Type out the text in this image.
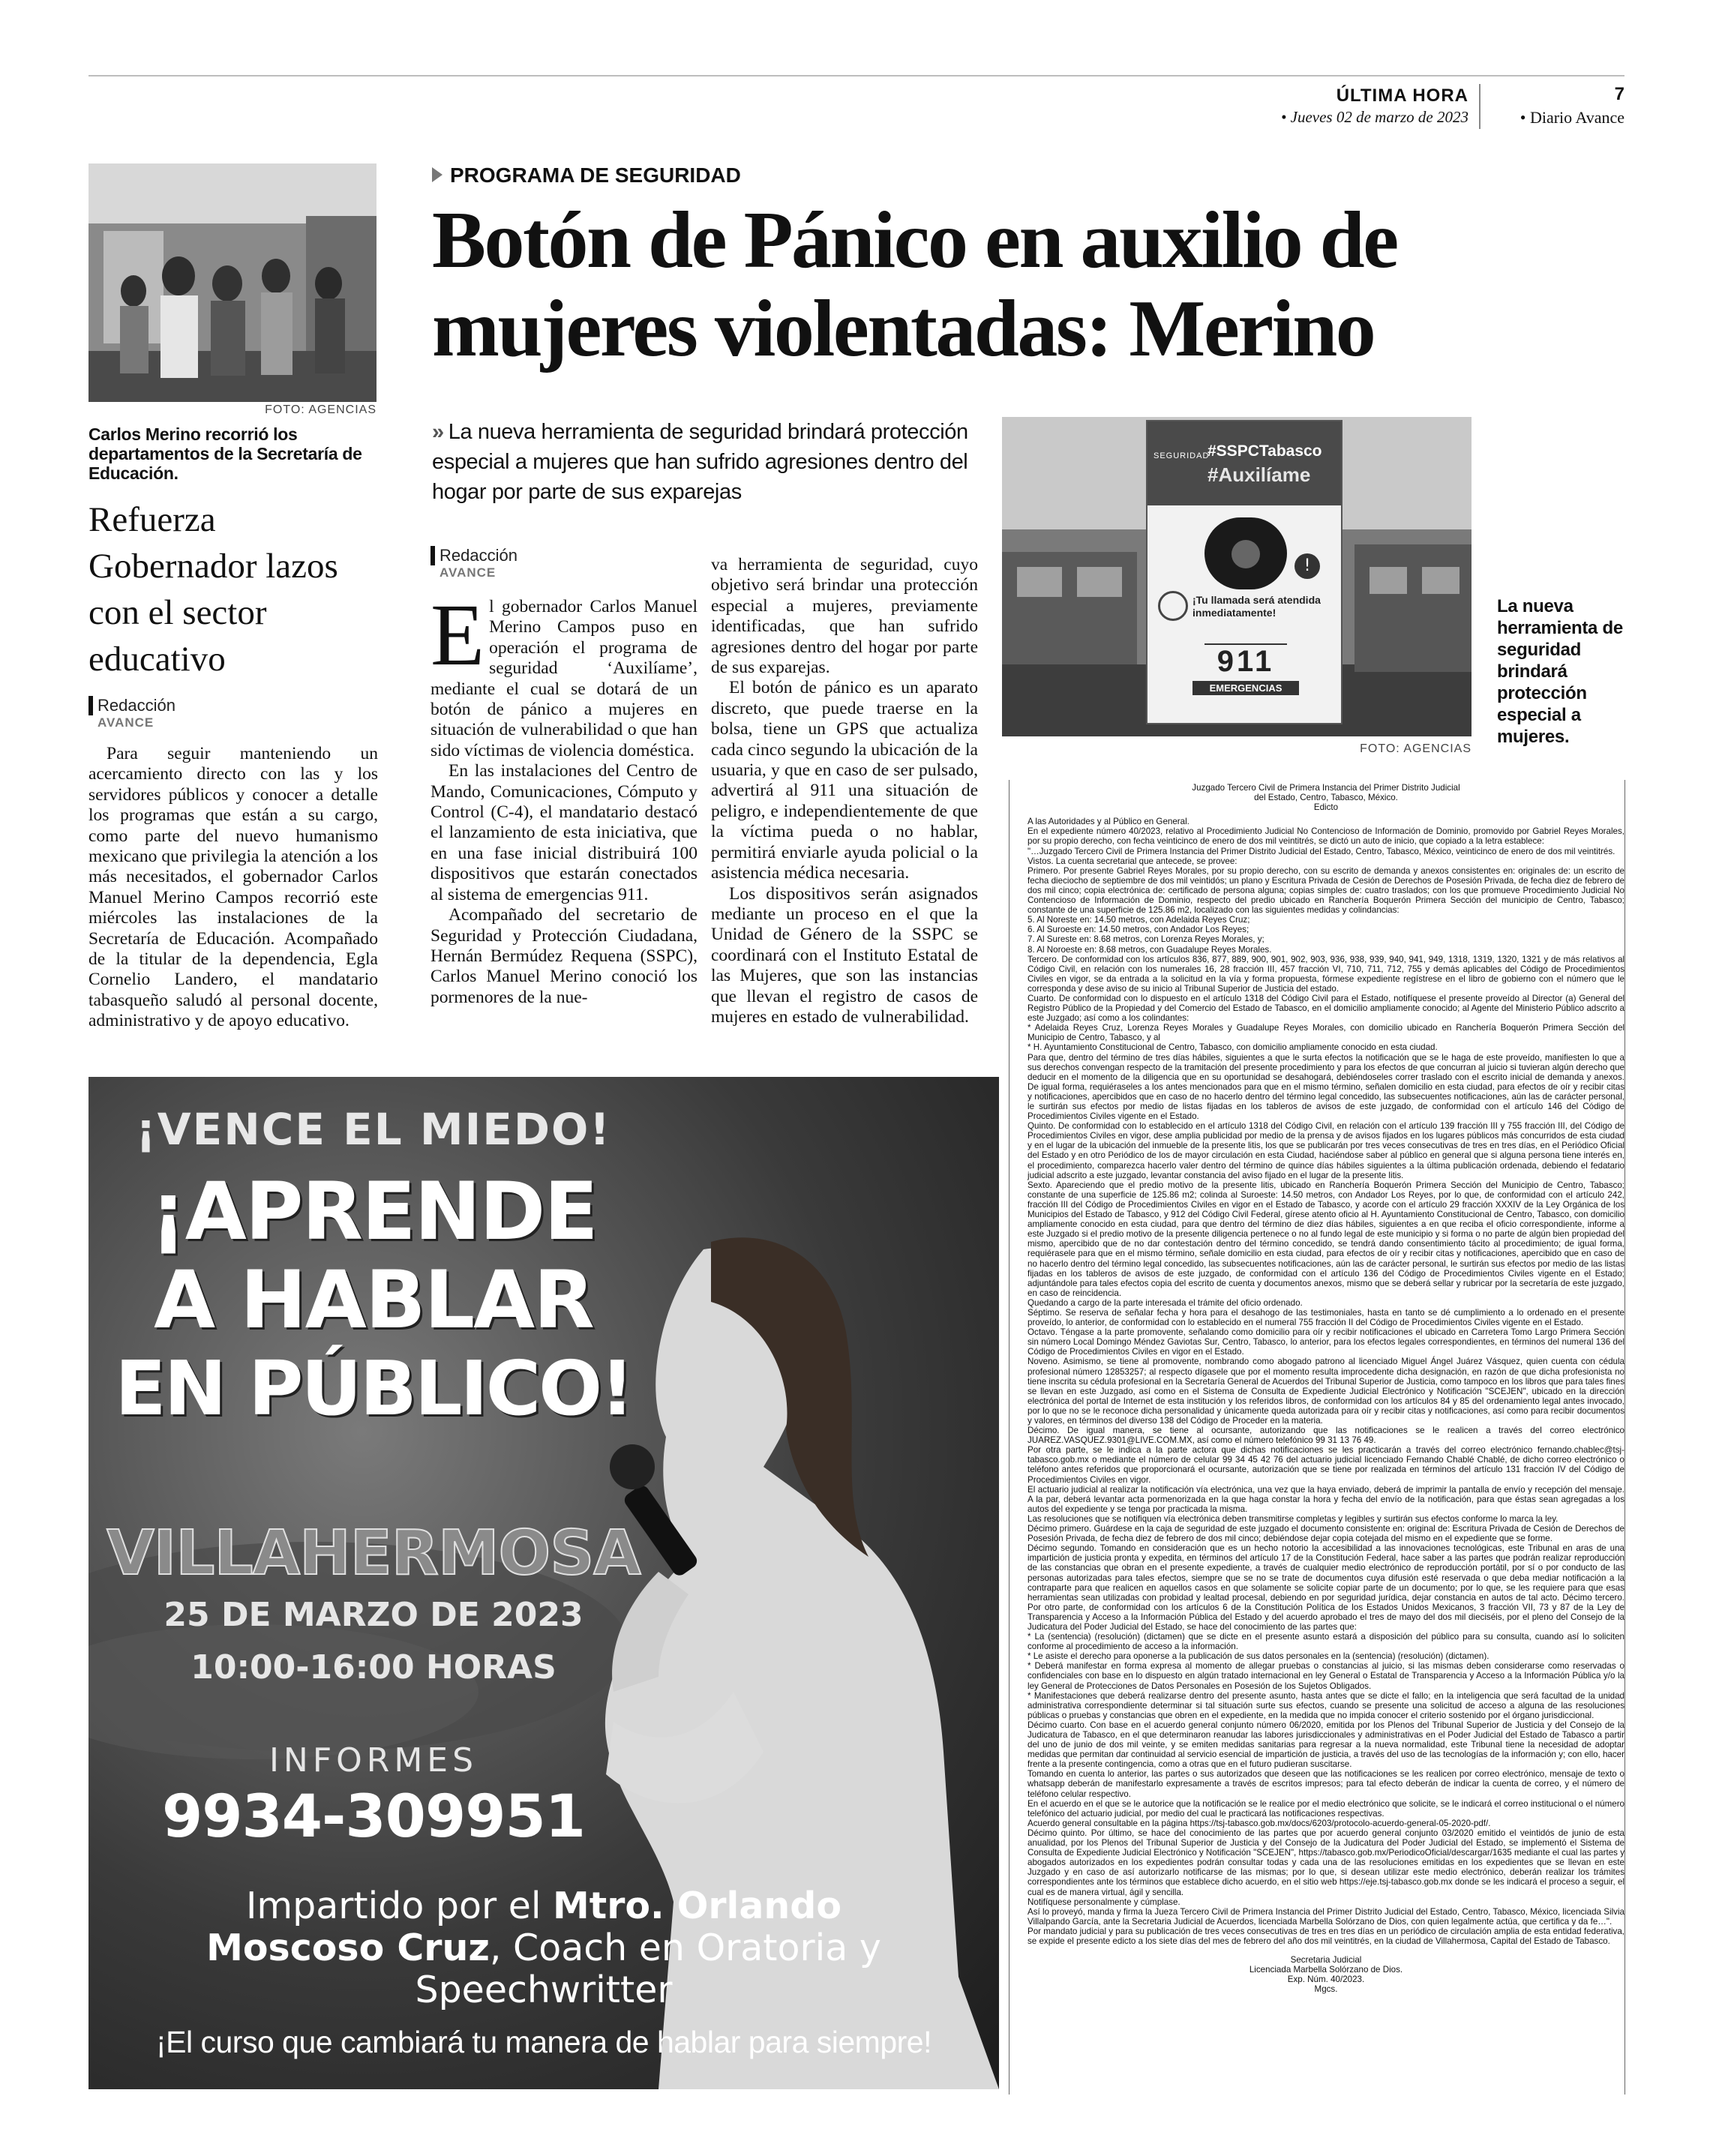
ÚLTIMA HORA
• Jueves 02 de marzo de 2023
7
• Diario Avance
FOTO: AGENCIAS
Carlos Merino recorrió los departamentos de la Secretaría de Educación.
Refuerza Gobernador lazos con el sector educativo
Redacción
AVANCE

Para seguir manteniendo un acercamiento directo con las y los servidores públicos y conocer a detalle los programas que están a su cargo, como parte del nuevo humanismo mexicano que privilegia la atención a los más necesitados, el gobernador Carlos Manuel Merino Campos recorrió este miércoles las instalaciones de la Secretaría de Educación. Acompañado de la titular de la dependencia, Egla Cornelio Landero, el mandatario tabasqueño saludó al personal docente, administrativo y de apoyo educativo.

PROGRAMA DE SEGURIDAD
Botón de Pánico en auxilio de mujeres violentadas: Merino
» La nueva herramienta de seguridad brindará protección especial a mujeres que han sufrido agresiones dentro del hogar por parte de sus exparejas
Redacción
AVANCE

El gobernador Carlos Manuel Merino Campos puso en operación el programa de seguridad ‘Auxilíame’, mediante el cual se dotará de un botón de pánico a mujeres en situación de vulnerabilidad o que han sido víctimas de violencia doméstica.

En las instalaciones del Centro de Mando, Comunicaciones, Cómputo y Control (C-4), el mandatario destacó el lanzamiento de esta iniciativa, que en una fase inicial distribuirá 100 dispositivos que estarán conectados al sistema de emergencias 911.

Acompañado del secretario de Seguridad y Protección Ciudadana, Hernán Bermúdez Requena (SSPC), Carlos Manuel Merino conoció los pormenores de la nue-

va herramienta de seguridad, cuyo objetivo será brindar una protección especial a mujeres, previamente identificadas, que han sufrido agresiones dentro del hogar por parte de sus exparejas.

El botón de pánico es un aparato discreto, que puede traerse en la bolsa, tiene un GPS que actualiza cada cinco segundo la ubicación de la usuaria, y que en caso de ser pulsado, advertirá al 911 una situación de peligro, e independientemente de que la víctima pueda o no hablar, permitirá enviarle ayuda policial o la asistencia médica necesaria.

Los dispositivos serán asignados mediante un proceso en el que la Unidad de Género de la SSPC se coordinará con el Instituto Estatal de las Mujeres, que son las instancias que llevan el registro de casos de mujeres en estado de vulnerabilidad.

SEGURIDAD
#SSPCTabasco
#Auxilíame
!
¡Tu llamada será atendida inmediatamente!
911
EMERGENCIAS
FOTO: AGENCIAS
La nueva herramienta de seguridad brindará protección especial a mujeres.
¡VENCE EL MIEDO!
¡APRENDE
A HABLAR
EN PÚBLICO!
VILLAHERMOSA
25 DE MARZO DE 2023
10:00-16:00 HORAS
INFORMES
9934-309951
Impartido por el Mtro. Orlando Moscoso Cruz, Coach en Oratoria y Speechwritter
¡El curso que cambiará tu manera de hablar para siempre!
Juzgado Tercero Civil de Primera Instancia del Primer Distrito Judicial
del Estado, Centro, Tabasco, México.
Edicto
A las Autoridades y al Público en General.
En el expediente número 40/2023, relativo al Procedimiento Judicial No Contencioso de Información de Dominio, promovido por Gabriel Reyes Morales, por su propio derecho, con fecha veinticinco de enero de dos mil veintitrés, se dictó un auto de inicio, que copiado a la letra establece:
"…Juzgado Tercero Civil de Primera Instancia del Primer Distrito Judicial del Estado, Centro, Tabasco, México, veinticinco de enero de dos mil veintitrés.
Vistos. La cuenta secretarial que antecede, se provee:
Primero. Por presente Gabriel Reyes Morales, por su propio derecho, con su escrito de demanda y anexos consistentes en: originales de: un escrito de fecha dieciocho de septiembre de dos mil veintidós; un plano y Escritura Privada de Cesión de Derechos de Posesión Privada, de fecha diez de febrero de dos mil cinco; copia electrónica de: certificado de persona alguna; copias simples de: cuatro traslados; con los que promueve Procedimiento Judicial No Contencioso de Información de Dominio, respecto del predio ubicado en Ranchería Boquerón Primera Sección del municipio de Centro, Tabasco; constante de una superficie de 125.86 m2, localizado con las siguientes medidas y colindancias:
5. Al Noreste en: 14.50 metros, con Adelaida Reyes Cruz;
6. Al Suroeste en: 14.50 metros, con Andador Los Reyes;
7. Al Sureste en: 8.68 metros, con Lorenza Reyes Morales, y;
8. Al Noroeste en: 8.68 metros, con Guadalupe Reyes Morales.
Tercero. De conformidad con los artículos 836, 877, 889, 900, 901, 902, 903, 936, 938, 939, 940, 941, 949, 1318, 1319, 1320, 1321 y de más relativos al Código Civil, en relación con los numerales 16, 28 fracción III, 457 fracción VI, 710, 711, 712, 755 y demás aplicables del Código de Procedimientos Civiles en vigor, se da entrada a la solicitud en la vía y forma propuesta, fórmese expediente regístrese en el libro de gobierno con el número que le corresponda y dese aviso de su inicio al Tribunal Superior de Justicia del estado.
Cuarto. De conformidad con lo dispuesto en el artículo 1318 del Código Civil para el Estado, notifíquese el presente proveído al Director (a) General del Registro Público de la Propiedad y del Comercio del Estado de Tabasco, en el domicilio ampliamente conocido; al Agente del Ministerio Público adscrito a este Juzgado; así como a los colindantes:
* Adelaida Reyes Cruz, Lorenza Reyes Morales y Guadalupe Reyes Morales, con domicilio ubicado en Ranchería Boquerón Primera Sección del Municipio de Centro, Tabasco, y al
* H. Ayuntamiento Constitucional de Centro, Tabasco, con domicilio ampliamente conocido en esta ciudad.
Para que, dentro del término de tres días hábiles, siguientes a que le surta efectos la notificación que se le haga de este proveído, manifiesten lo que a sus derechos convengan respecto de la tramitación del presente procedimiento y para los efectos de que concurran al juicio si tuvieran algún derecho que deducir en el momento de la diligencia que en su oportunidad se desahogará, debiéndoseles correr traslado con el escrito inicial de demanda y anexos. De igual forma, requiéraseles a los antes mencionados para que en el mismo término, señalen domicilio en esta ciudad, para efectos de oír y recibir citas y notificaciones, apercibidos que en caso de no hacerlo dentro del término legal concedido, las subsecuentes notificaciones, aún las de carácter personal, le surtirán sus efectos por medio de listas fijadas en los tableros de avisos de este juzgado, de conformidad con el artículo 146 del Código de Procedimientos Civiles vigente en el Estado.
Quinto. De conformidad con lo establecido en el artículo 1318 del Código Civil, en relación con el artículo 139 fracción III y 755 fracción III, del Código de Procedimientos Civiles en vigor, dese amplia publicidad por medio de la prensa y de avisos fijados en los lugares públicos más concurridos de esta ciudad y en el lugar de la ubicación del inmueble de la presente litis, los que se publicarán por tres veces consecutivas de tres en tres días, en el Periódico Oficial del Estado y en otro Periódico de los de mayor circulación en esta Ciudad, haciéndose saber al público en general que si alguna persona tiene interés en, el procedimiento, comparezca hacerlo valer dentro del término de quince días hábiles siguientes a la última publicación ordenada, debiendo el fedatario judicial adscrito a este juzgado, levantar constancia del aviso fijado en el lugar de la presente litis.
Sexto. Apareciendo que el predio motivo de la presente litis, ubicado en Ranchería Boquerón Primera Sección del Municipio de Centro, Tabasco; constante de una superficie de 125.86 m2; colinda al Suroeste: 14.50 metros, con Andador Los Reyes, por lo que, de conformidad con el artículo 242, fracción III del Código de Procedimientos Civiles en vigor en el Estado de Tabasco, y acorde con el artículo 29 fracción XXXIV de la Ley Orgánica de los Municipios del Estado de Tabasco, y 912 del Código Civil Federal, gírese atento oficio al H. Ayuntamiento Constitucional de Centro, Tabasco, con domicilio ampliamente conocido en esta ciudad, para que dentro del término de diez días hábiles, siguientes a en que reciba el oficio correspondiente, informe a este Juzgado si el predio motivo de la presente diligencia pertenece o no al fundo legal de este municipio y si forma o no parte de algún bien propiedad del mismo, apercibido que de no dar contestación dentro del término concedido, se tendrá dando consentimiento tácito al procedimiento; de igual forma, requiérasele para que en el mismo término, señale domicilio en esta ciudad, para efectos de oír y recibir citas y notificaciones, apercibido que en caso de no hacerlo dentro del término legal concedido, las subsecuentes notificaciones, aún las de carácter personal, le surtirán sus efectos por medio de las listas fijadas en los tableros de avisos de este juzgado, de conformidad con el artículo 136 del Código de Procedimientos Civiles vigente en el Estado; adjuntándole para tales efectos copia del escrito de cuenta y documentos anexos, mismo que se deberá sellar y rubricar por la secretaría de este juzgado, en caso de reincidencia.
Quedando a cargo de la parte interesada el trámite del oficio ordenado.
Séptimo. Se reserva de señalar fecha y hora para el desahogo de las testimoniales, hasta en tanto se dé cumplimiento a lo ordenado en el presente proveído, lo anterior, de conformidad con lo establecido en el numeral 755 fracción II del Código de Procedimientos Civiles vigente en el Estado.
Octavo. Téngase a la parte promovente, señalando como domicilio para oír y recibir notificaciones el ubicado en Carretera Tomo Largo Primera Sección sin número Local Domingo Méndez Gaviotas Sur, Centro, Tabasco, lo anterior, para los efectos legales correspondientes, en términos del numeral 136 del Código de Procedimientos Civiles en vigor en el Estado.
Noveno. Asimismo, se tiene al promovente, nombrando como abogado patrono al licenciado Miguel Ángel Juárez Vásquez, quien cuenta con cédula profesional número 12853257; al respecto dígasele que por el momento resulta improcedente dicha designación, en razón de que dicha profesionista no tiene inscrita su cédula profesional en la Secretaría General de Acuerdos del Tribunal Superior de Justicia, como tampoco en los libros que para tales fines se llevan en este Juzgado, así como en el Sistema de Consulta de Expediente Judicial Electrónico y Notificación "SCEJEN", ubicado en la dirección electrónica del portal de Internet de esta institución y los referidos libros, de conformidad con los artículos 84 y 85 del ordenamiento legal antes invocado, por lo que no se le reconoce dicha personalidad y únicamente queda autorizada para oír y recibir citas y notificaciones, así como para recibir documentos y valores, en términos del diverso 138 del Código de Proceder en la materia.
Décimo. De igual manera, se tiene al ocursante, autorizando que las notificaciones se le realicen a través del correo electrónico JUAREZ.VASQUEZ.9301@LIVE.COM.MX, así como el número telefónico 99 31 13 76 49.
Por otra parte, se le indica a la parte actora que dichas notificaciones se les practicarán a través del correo electrónico fernando.chablec@tsj-tabasco.gob.mx o mediante el número de celular 99 34 45 42 76 del actuario judicial licenciado Fernando Chablé Chablé, de dicho correo electrónico o teléfono antes referidos que proporcionará el ocursante, autorización que se tiene por realizada en términos del artículo 131 fracción IV del Código de Procedimientos Civiles en vigor.
El actuario judicial al realizar la notificación vía electrónica, una vez que la haya enviado, deberá de imprimir la pantalla de envío y recepción del mensaje. A la par, deberá levantar acta pormenorizada en la que haga constar la hora y fecha del envío de la notificación, para que éstas sean agregadas a los autos del expediente y se tenga por practicada la misma.
Las resoluciones que se notifiquen vía electrónica deben transmitirse completas y legibles y surtirán sus efectos conforme lo marca la ley.
Décimo primero. Guárdese en la caja de seguridad de este juzgado el documento consistente en: original de: Escritura Privada de Cesión de Derechos de Posesión Privada, de fecha diez de febrero de dos mil cinco; debiéndose dejar copia cotejada del mismo en el expediente que se forme.
Décimo segundo. Tomando en consideración que es un hecho notorio la accesibilidad a las innovaciones tecnológicas, este Tribunal en aras de una impartición de justicia pronta y expedita, en términos del artículo 17 de la Constitución Federal, hace saber a las partes que podrán realizar reproducción de las constancias que obran en el presente expediente, a través de cualquier medio electrónico de reproducción portátil, por sí o por conducto de las personas autorizadas para tales efectos, siempre que se no se trate de documentos cuya difusión esté reservada o que deba mediar notificación a la contraparte para que realicen en aquellos casos en que solamente se solicite copiar parte de un documento; por lo que, se les requiere para que esas herramientas sean utilizadas con probidad y lealtad procesal, debiendo en por seguridad jurídica, dejar constancia en autos de tal acto. Décimo tercero. Por otro parte, de conformidad con los artículos 6 de la Constitución Política de los Estados Unidos Mexicanos, 3 fracción VII, 73 y 87 de la Ley de Transparencia y Acceso a la Información Pública del Estado y del acuerdo aprobado el tres de mayo del dos mil dieciséis, por el pleno del Consejo de la Judicatura del Poder Judicial del Estado, se hace del conocimiento de las partes que:
* La (sentencia) (resolución) (dictamen) que se dicte en el presente asunto estará a disposición del público para su consulta, cuando así lo soliciten conforme al procedimiento de acceso a la información.
* Le asiste el derecho para oponerse a la publicación de sus datos personales en la (sentencia) (resolución) (dictamen).
* Deberá manifestar en forma expresa al momento de allegar pruebas o constancias al juicio, si las mismas deben considerarse como reservadas o confidenciales con base en lo dispuesto en algún tratado internacional en ley General o Estatal de Transparencia y Acceso a la Información Pública y/o la ley General de Protecciones de Datos Personales en Posesión de los Sujetos Obligados.
* Manifestaciones que deberá realizarse dentro del presente asunto, hasta antes que se dicte el fallo; en la inteligencia que será facultad de la unidad administrativa correspondiente determinar si tal situación surte sus efectos, cuando se presente una solicitud de acceso a alguna de las resoluciones públicas o pruebas y constancias que obren en el expediente, en la medida que no impida conocer el criterio sostenido por el órgano jurisdiccional.
Décimo cuarto. Con base en el acuerdo general conjunto número 06/2020, emitida por los Plenos del Tribunal Superior de Justicia y del Consejo de la Judicatura de Tabasco, en el que determinaron reanudar las labores jurisdiccionales y administrativas en el Poder Judicial del Estado de Tabasco a partir del uno de junio de dos mil veinte, y se emiten medidas sanitarias para regresar a la nueva normalidad, este Tribunal tiene la necesidad de adoptar medidas que permitan dar continuidad al servicio esencial de impartición de justicia, a través del uso de las tecnologías de la información y; con ello, hacer frente a la presente contingencia, como a otras que en el futuro pudieran suscitarse.
Tomando en cuenta lo anterior, las partes o sus autorizados que deseen que las notificaciones se les realicen por correo electrónico, mensaje de texto o whatsapp deberán de manifestarlo expresamente a través de escritos impresos; para tal efecto deberán de indicar la cuenta de correo, y el número de teléfono celular respectivo.
En el acuerdo en el que se le autorice que la notificación se le realice por el medio electrónico que solicite, se le indicará el correo institucional o el número telefónico del actuario judicial, por medio del cual le practicará las notificaciones respectivas.
Acuerdo general consultable en la página https://tsj-tabasco.gob.mx/docs/6203/protocolo-acuerdo-general-05-2020-pdf/.
Décimo quinto. Por último, se hace del conocimiento de las partes que por acuerdo general conjunto 03/2020 emitido el veintidós de junio de esta anualidad, por los Plenos del Tribunal Superior de Justicia y del Consejo de la Judicatura del Poder Judicial del Estado, se implementó el Sistema de Consulta de Expediente Judicial Electrónico y Notificación "SCEJEN", https://tabasco.gob.mx/PeriodicoOficial/descargar/1635 mediante el cual las partes y abogados autorizados en los expedientes podrán consultar todas y cada una de las resoluciones emitidas en los expedientes que se llevan en este Juzgado y en caso de así autorizarlo notificarse de las mismas; por lo que, si desean utilizar este medio electrónico, deberán realizar los trámites correspondientes ante los términos que establece dicho acuerdo, en el sitio web https://eje.tsj-tabasco.gob.mx donde se les indicará el proceso a seguir, el cual es de manera virtual, ágil y sencilla.
Notifíquese personalmente y cúmplase.
Así lo proveyó, manda y firma la Jueza Tercero Civil de Primera Instancia del Primer Distrito Judicial del Estado, Centro, Tabasco, México, licenciada Silvia Villalpando García, ante la Secretaria Judicial de Acuerdos, licenciada Marbella Solórzano de Dios, con quien legalmente actúa, que certifica y da fe…".
Por mandato judicial y para su publicación de tres veces consecutivas de tres en tres días en un periódico de circulación amplia de esta entidad federativa, se expide el presente edicto a los siete días del mes de febrero del año dos mil veintitrés, en la ciudad de Villahermosa, Capital del Estado de Tabasco.
Secretaria Judicial
Licenciada Marbella Solórzano de Dios.
Exp. Núm. 40/2023.
Mgcs.
